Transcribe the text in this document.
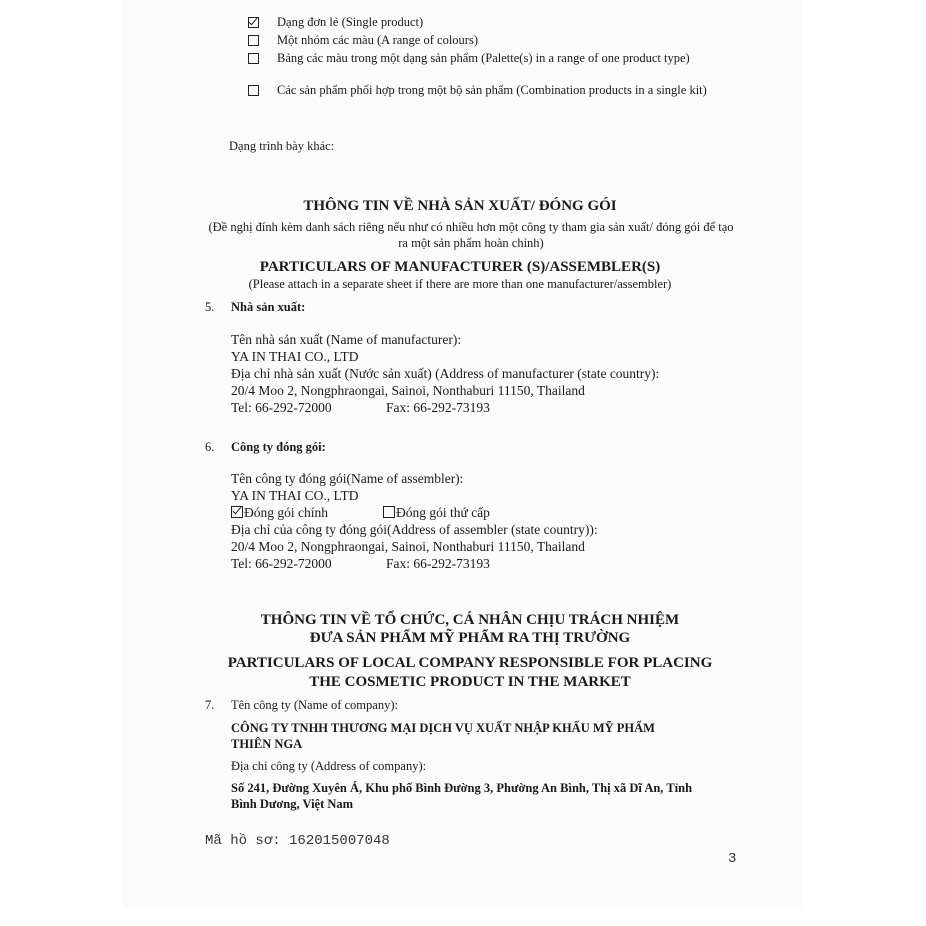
Dạng đơn lẻ (Single product)
Một nhóm các màu (A range of colours)
Bảng các màu trong một dạng sản phẩm (Palette(s) in a range of one product type)
Các sản phẩm phối hợp trong một bộ sản phẩm (Combination products in a single kit)
Dạng trình bày khác:
THÔNG TIN VỀ NHÀ SẢN XUẤT/ ĐÓNG GÓI
(Đề nghị đính kèm danh sách riêng nếu như có nhiều hơn một công ty tham gia sản xuất/ đóng gói để tạo ra một sản phẩm hoàn chỉnh)
PARTICULARS OF MANUFACTURER (S)/ASSEMBLER(S)
(Please attach in a separate sheet if there are more than one manufacturer/assembler)
5. Nhà sản xuất:
Tên nhà sản xuất (Name of manufacturer):
YA IN THAI CO., LTD
Địa chỉ nhà sản xuất (Nước sản xuất) (Address of manufacturer (state country):
20/4 Moo 2, Nongphraongai, Sainoi, Nonthaburi 11150, Thailand
Tel: 66-292-72000	Fax: 66-292-73193
6. Công ty đóng gói:
Tên công ty đóng gói(Name of assembler):
YA IN THAI CO., LTD
Đóng gói chính	Đóng gói thứ cấp
Địa chỉ của công ty đóng gói(Address of assembler (state country)):
20/4 Moo 2, Nongphraongai, Sainoi, Nonthaburi 11150, Thailand
Tel: 66-292-72000	Fax: 66-292-73193
THÔNG TIN VỀ TỔ CHỨC, CÁ NHÂN CHỊU TRÁCH NHIỆM
ĐƯA SẢN PHẨM MỸ PHẨM RA THỊ TRƯỜNG
PARTICULARS OF LOCAL COMPANY RESPONSIBLE FOR PLACING
THE COSMETIC PRODUCT IN THE MARKET
7. Tên công ty (Name of company):
CÔNG TY TNHH THƯƠNG MẠI DỊCH VỤ XUẤT NHẬP KHẨU MỸ PHẨM
THIÊN NGA
Địa chỉ công ty (Address of company):
Số 241, Đường Xuyên Á, Khu phố Bình Đường 3, Phường An Bình, Thị xã Dĩ An, Tỉnh
Bình Dương, Việt Nam
Mã hồ sơ: 162015007048
3
